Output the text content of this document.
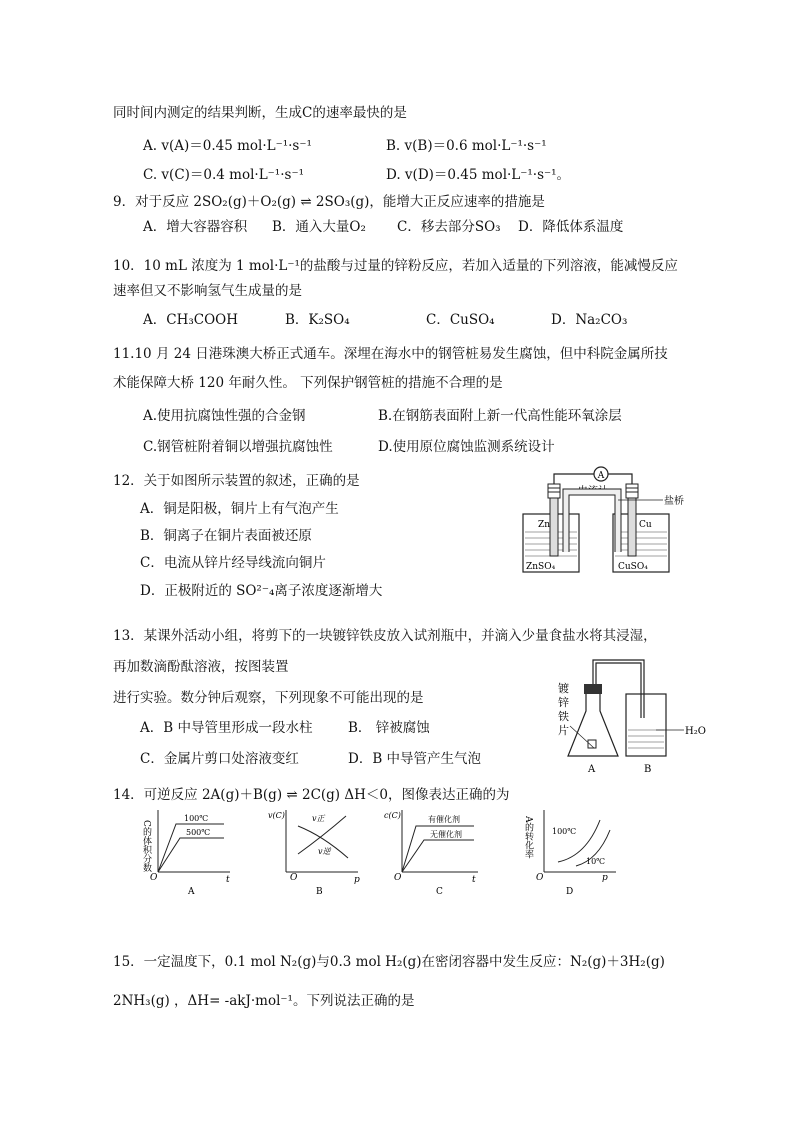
同时间内测定的结果判断，生成C的速率最快的是
A. v(A)＝0.45 mol·L⁻¹·s⁻¹	B. v(B)＝0.6 mol·L⁻¹·s⁻¹
C. v(C)＝0.4 mol·L⁻¹·s⁻¹	D. v(D)＝0.45 mol·L⁻¹·s⁻¹。
9．对于反应 2SO₂(g)＋O₂(g) ⇌ 2SO₃(g)，能增大正反应速率的措施是
A．增大容器容积 B．通入大量O₂ C．移去部分SO₃ D．降低体系温度
10．10 mL 浓度为 1 mol·L⁻¹的盐酸与过量的锌粉反应，若加入适量的下列溶液，能减慢反应
速率但又不影响氢气生成量的是
A．CH₃COOH	B．K₂SO₄	C．CuSO₄	D．Na₂CO₃
11.10 月 24 日港珠澳大桥正式通车。深埋在海水中的钢管桩易发生腐蚀，但中科院金属所技
术能保障大桥 120 年耐久性。 下列保护钢管桩的措施不合理的是
A.使用抗腐蚀性强的合金钢	B.在钢筋表面附上新一代高性能环氧涂层
C.钢管桩附着铜以增强抗腐蚀性	D.使用原位腐蚀监测系统设计
12．关于如图所示装置的叙述，正确的是
A．铜是阳极，铜片上有气泡产生
B．铜离子在铜片表面被还原
C．电流从锌片经导线流向铜片
D．正极附近的 SO²⁻₄离子浓度逐渐增大
A
电流计
盐桥
Zn	Cu
ZnSO₄	CuSO₄
13．某课外活动小组，将剪下的一块镀锌铁皮放入试剂瓶中，并滴入少量食盐水将其浸湿，
再加数滴酚酞溶液，按图装置
进行实验。数分钟后观察，下列现象不可能出现的是
A．B 中导管里形成一段水柱	B． 锌被腐蚀
C．金属片剪口处溶液变红	D．B 中导管产生气泡
镀
锌
铁
片	H₂O
A	B
14．可逆反应 2A(g)＋B(g) ⇌ 2C(g) ΔH＜0，图像表达正确的为
C的体积分数
100℃
500℃
O	t
A
v(C)	v正
v逆
O	p
B
c(C)	有催化剂
无催化剂
O	t
C
A的转化率 100℃
10℃
O	p
D
15．一定温度下，0.1 mol N₂(g)与0.3 mol H₂(g)在密闭容器中发生反应：N₂(g)＋3H₂(g)
2NH₃(g) ，ΔH= -akJ·mol⁻¹。下列说法正确的是
